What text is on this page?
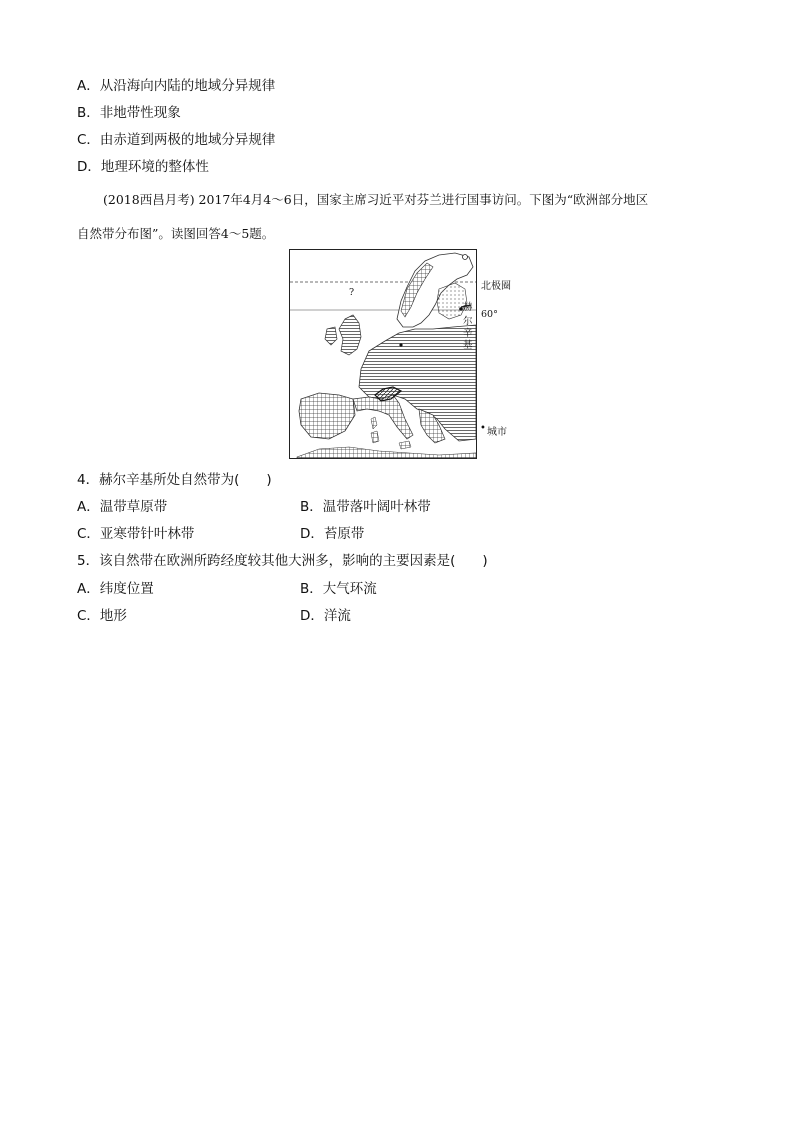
A．从沿海向内陆的地域分异规律
B．非地带性现象
C．由赤道到两极的地域分异规律
D．地理环境的整体性
(2018西昌月考) 2017年4月4～6日，国家主席习近平对芬兰进行国事访问。下图为“欧洲部分地区
自然带分布图”。读图回答4～5题。
?
北极圈
赫
60°
尔
辛
基
• 城市
4．赫尔辛基所处自然带为(　　)
A．温带草原带	B．温带落叶阔叶林带
C．亚寒带针叶林带	D．苔原带
5．该自然带在欧洲所跨经度较其他大洲多，影响的主要因素是(　　)
A．纬度位置	B．大气环流
C．地形	D．洋流
